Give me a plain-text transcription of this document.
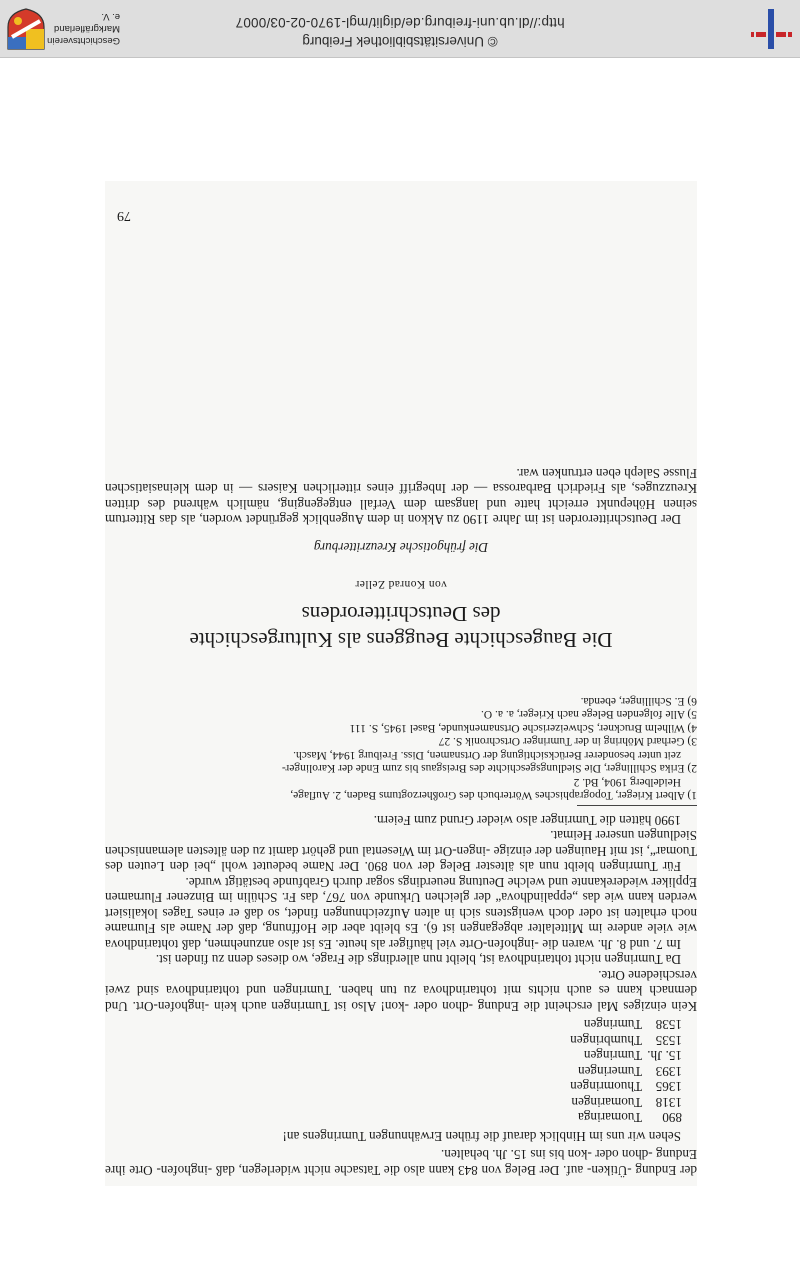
der Endung -Ütiken- auf. Der Beleg von 843 kann also die Tatsache nicht widerlegen, daß -inghofen- Orte ihre Endung -dhon oder -kon bis ins 15. Jh. behalten.

Sehen wir uns im Hinblick darauf die frühen Erwähnungen Tumringens an!

890
Tuomaringa
1318
Tuomaringen
1365
Thuomringen
1393
Tumeringen
15. Jh.
Tumringen
1535
Thumbringen
1538
Tumringen

Kein einziges Mal erscheint die Endung -dhon oder -kon! Also ist Tumringen auch kein -inghofen-Ort. Und demnach kann es auch nichts mit tohtarindhova zu tun haben. Tumringen und tohtarindhova sind zwei verschiedene Orte.

Da Tumringen nicht tohtarindhova ist, bleibt nun allerdings die Frage, wo dieses denn zu finden ist.

Im 7. und 8. Jh. waren die -inghofen-Orte viel häufiger als heute. Es ist also anzunehmen, daß tohtarindhova wie viele andere im Mittelalter abgegangen ist 6). Es bleibt aber die Hoffnung, daß der Name als Flurname noch erhalten ist oder doch wenigstens sich in alten Aufzeichnungen findet, so daß er eines Tages lokalisiert werden kann wie das „eppalindhova“ der gleichen Urkunde von 767, das Fr. Schülin im Binzener Flurnamen Eppliker wiederekannte und welche Deutung neuerdings sogar durch Grabfunde bestätigt wurde.

Für Tumringen bleibt nun als ältester Beleg der von 890. Der Name bedeutet wohl „bei den Leuten des Tuomar“, ist mit Hauingen der einzige -ingen-Ort im Wiesental und gehört damit zu den ältesten alemannischen Siedlungen unserer Heimat.

1990 hätten die Tumringer also wieder Grund zum Feiern.

1) Albert Krieger, Topographisches Wörterbuch des Großherzogtums Baden, 2. Auflage,

Heidelberg 1904, Bd. 2

2) Erika Schillinger, Die Siedlungsgeschichte des Breisgaus bis zum Ende der Karolinger-

zeit unter besonderer Berücksichtigung der Ortsnamen, Diss. Freiburg 1944, Masch.

3) Gerhard Möhring in der Tumringer Ortschronik S. 27

4) Wilhelm Bruckner, Schweizerische Ortsnamenkunde, Basel 1945, S. 111

5) Alle folgenden Belege nach Krieger, a. a. O.

6) E. Schillinger, ebenda.

Die Baugeschichte Beuggens als Kulturgeschichte
des Deutschritterordens
von Konrad Zeller
Die frühgotische Kreuzritterburg

Der Deutschritterorden ist im Jahre 1190 zu Akkon in dem Augenblick gegründet worden, als das Rittertum seinen Höhepunkt erreicht hatte und langsam dem Verfall entgegenging, nämlich während des dritten Kreuzzuges, als Friedrich Barbarossa — der Inbegriff eines ritterlichen Kaisers — in dem kleinasiatischen Flusse Saleph eben ertrunken war.

79
© Universitätsbibliothek Freiburg
http://dl.ub.uni-freiburg.de/diglit/mgl-1970-02-03/0007
Geschichtsverein
Markgräflerland e. V.
